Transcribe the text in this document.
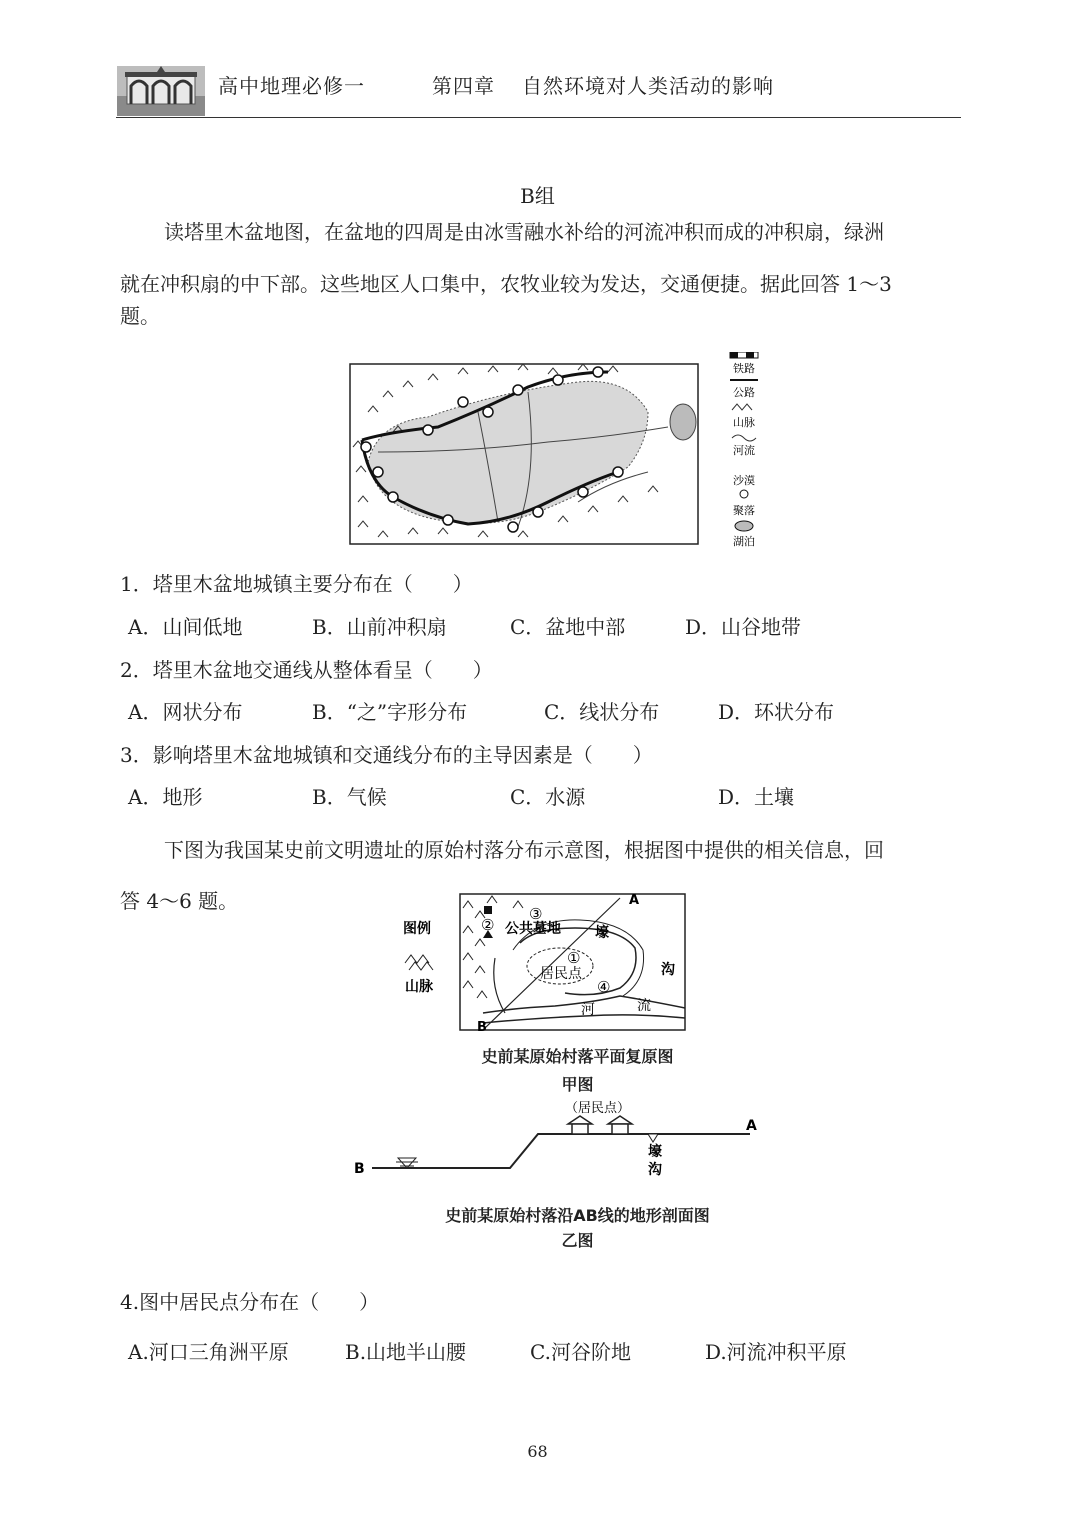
高中地理必修一	第四章 自然环境对人类活动的影响
B组
读塔里木盆地图，在盆地的四周是由冰雪融水补给的河流冲积而成的冲积扇，绿洲
就在冲积扇的中下部。这些地区人口集中，农牧业较为发达，交通便捷。据此回答 1～3
题。
铁路
公路
山脉
河流
沙漠
聚落
湖泊
1．塔里木盆地城镇主要分布在（　　）
A．山间低地	B．山前冲积扇	C．盆地中部	D．山谷地带
2．塔里木盆地交通线从整体看呈（　　）
A．网状分布	B．“之”字形分布	C．线状分布	D．环状分布
3．影响塔里木盆地城镇和交通线分布的主导因素是（　　）
A．地形	B．气候	C．水源	D．土壤
下图为我国某史前文明遗址的原始村落分布示意图，根据图中提供的相关信息，回
答 4～6 题。
图例
山脉
A
B
③
② 公共墓地 壕
①
居民点	沟
④
河	流
史前某原始村落平面复原图
甲图
（居民点）
A
B
壕
沟
史前某原始村落沿AB线的地形剖面图
乙图
4.图中居民点分布在（　　）
A.河口三角洲平原	B.山地半山腰	C.河谷阶地	D.河流冲积平原
68
